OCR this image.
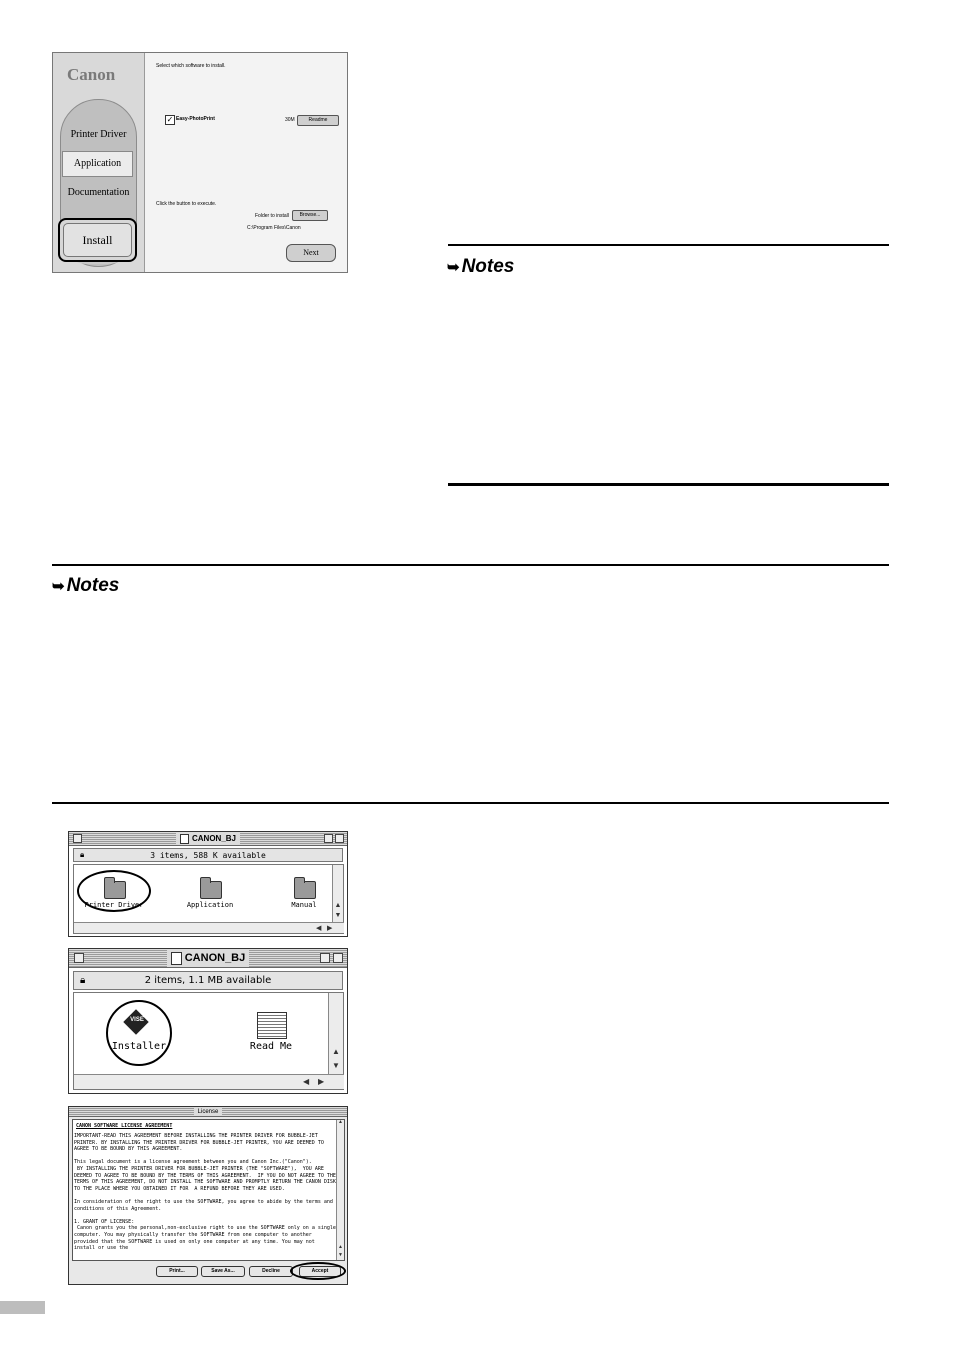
Canon
Printer Driver
Application
Documentation
Select which software to install.
✓ Easy-PhotoPrint	30M	Readme
Click the button to execute.
Folder to install	Browse...
C:\Program Files\Canon
Next
Install
➥ Notes
➥ Notes
CANON_BJ
🔒︎	3 items, 588 K available
Printer Driver	Application	Manual	▲
▼
◀ ▶
CANON_BJ
🔒︎	2 items, 1.1 MB available
VISE
Installer	Read Me	▲
▼
◀ ▶
License
CANON SOFTWARE LICENSE AGREEMENT
▲
▲
▼
IMPORTANT-READ THIS AGREEMENT BEFORE INSTALLING THE PRINTER DRIVER FOR BUBBLE-JET PRINTER. BY INSTALLING THE PRINTER DRIVER FOR BUBBLE-JET PRINTER, YOU ARE DEEMED TO AGREE TO BE BOUND BY THIS AGREEMENT.

This legal document is a license agreement between you and Canon Inc.("Canon").
BY INSTALLING THE PRINTER DRIVER FOR BUBBLE-JET PRINTER (THE "SOFTWARE"),  YOU ARE DEEMED TO AGREE TO BE BOUND BY THE TERMS OF THIS AGREEMENT.  IF YOU DO NOT AGREE TO THE TERMS OF THIS AGREEMENT, DO NOT INSTALL THE SOFTWARE AND PROMPTLY RETURN THE CANON DISK TO THE PLACE WHERE YOU OBTAINED IT FOR  A REFUND BEFORE THEY ARE USED.

In consideration of the right to use the SOFTWARE, you agree to abide by the terms and conditions of this Agreement.

1. GRANT OF LICENSE:
Canon grants you the personal,non-exclusive right to use the SOFTWARE only on a single computer. You may physically transfer the SOFTWARE from one computer to another provided that the SOFTWARE is used on only one computer at any time. You may not install or use the
Print...	Save As...	Decline	Accept
